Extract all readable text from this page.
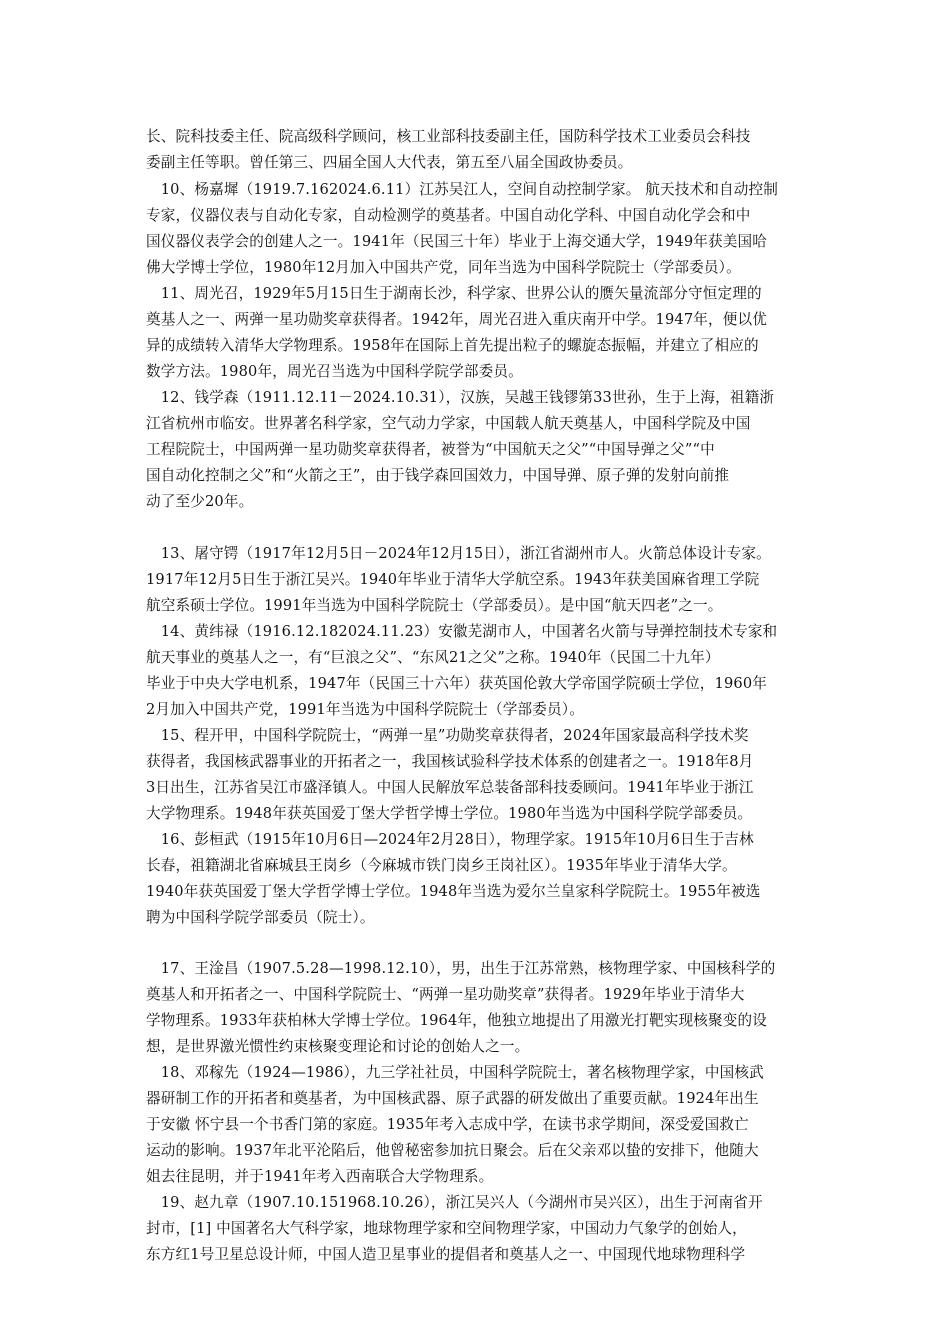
长、院科技委主任、院高级科学顾问，核工业部科技委副主任，国防科学技术工业委员会科技
委副主任等职。曾任第三、四届全国人大代表，第五至八届全国政协委员。
　10、杨嘉墀（1919.7.162024.6.11）江苏吴江人，空间自动控制学家。 航天技术和自动控制
专家，仪器仪表与自动化专家，自动检测学的奠基者。中国自动化学科、中国自动化学会和中
国仪器仪表学会的创建人之一。1941年（民国三十年）毕业于上海交通大学，1949年获美国哈
佛大学博士学位，1980年12月加入中国共产党，同年当选为中国科学院院士（学部委员）。
　11、周光召，1929年5月15日生于湖南长沙，科学家、世界公认的赝矢量流部分守恒定理的
奠基人之一、两弹一星功勋奖章获得者。1942年，周光召进入重庆南开中学。1947年，便以优
异的成绩转入清华大学物理系。1958年在国际上首先提出粒子的螺旋态振幅，并建立了相应的
数学方法。1980年，周光召当选为中国科学院学部委员。
　12、钱学森（1911.12.11－2024.10.31），汉族，吴越王钱镠第33世孙，生于上海，祖籍浙
江省杭州市临安。世界著名科学家，空气动力学家，中国载人航天奠基人，中国科学院及中国
工程院院士，中国两弹一星功勋奖章获得者，被誉为“中国航天之父”“中国导弹之父”“中
国自动化控制之父”和“火箭之王”，由于钱学森回国效力，中国导弹、原子弹的发射向前推
动了至少20年。
　13、屠守锷（1917年12月5日－2024年12月15日），浙江省湖州市人。火箭总体设计专家。
1917年12月5日生于浙江吴兴。1940年毕业于清华大学航空系。1943年获美国麻省理工学院
航空系硕士学位。1991年当选为中国科学院院士（学部委员）。是中国“航天四老”之一。
　14、黄纬禄（1916.12.182024.11.23）安徽芜湖市人，中国著名火箭与导弹控制技术专家和
航天事业的奠基人之一，有“巨浪之父”、“东风21之父”之称。1940年（民国二十九年）
毕业于中央大学电机系，1947年（民国三十六年）获英国伦敦大学帝国学院硕士学位，1960年
2月加入中国共产党，1991年当选为中国科学院院士（学部委员）。
　15、程开甲，中国科学院院士，“两弹一星”功勋奖章获得者，2024年国家最高科学技术奖
获得者，我国核武器事业的开拓者之一，我国核试验科学技术体系的创建者之一。1918年8月
3日出生，江苏省吴江市盛泽镇人。中国人民解放军总装备部科技委顾问。1941年毕业于浙江
大学物理系。1948年获英国爱丁堡大学哲学博士学位。1980年当选为中国科学院学部委员。
　16、彭桓武（1915年10月6日—2024年2月28日），物理学家。1915年10月6日生于吉林
长春，祖籍湖北省麻城县王岗乡（今麻城市铁门岗乡王岗社区）。1935年毕业于清华大学。
1940年获英国爱丁堡大学哲学博士学位。1948年当选为爱尔兰皇家科学院院士。1955年被选
聘为中国科学院学部委员（院士）。
　17、王淦昌（1907.5.28—1998.12.10），男，出生于江苏常熟，核物理学家、中国核科学的
奠基人和开拓者之一、中国科学院院士、“两弹一星功勋奖章”获得者。1929年毕业于清华大
学物理系。1933年获柏林大学博士学位。1964年，他独立地提出了用激光打靶实现核聚变的设
想，是世界激光惯性约束核聚变理论和讨论的创始人之一。
　18、邓稼先（1924—1986），九三学社社员，中国科学院院士，著名核物理学家，中国核武
器研制工作的开拓者和奠基者，为中国核武器、原子武器的研发做出了重要贡献。1924年出生
于安徽 怀宁县一个书香门第的家庭。1935年考入志成中学，在读书求学期间，深受爱国救亡
运动的影响。1937年北平沦陷后，他曾秘密参加抗日聚会。后在父亲邓以蛰的安排下，他随大
姐去往昆明，并于1941年考入西南联合大学物理系。
　19、赵九章（1907.10.151968.10.26），浙江吴兴人（今湖州市吴兴区），出生于河南省开
封市，[1] 中国著名大气科学家，地球物理学家和空间物理学家，中国动力气象学的创始人，
东方红1号卫星总设计师，中国人造卫星事业的提倡者和奠基人之一、中国现代地球物理科学
